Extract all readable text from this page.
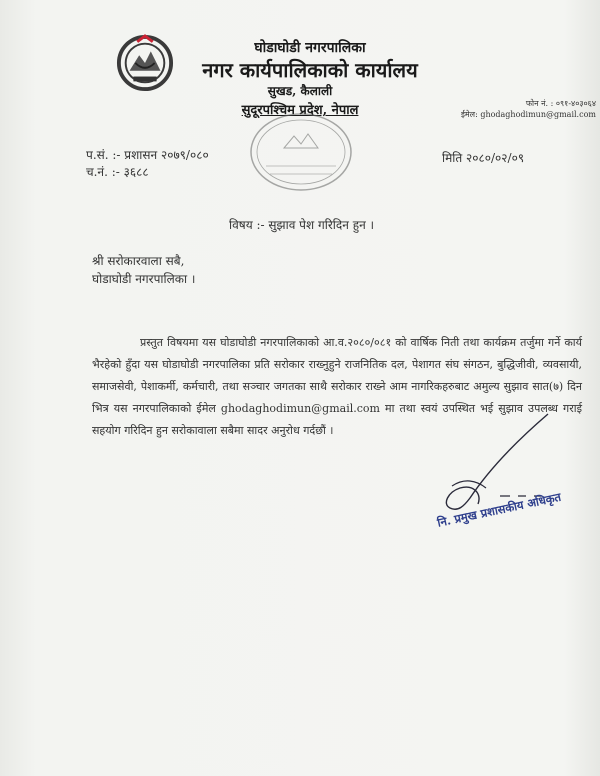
घोडाघोडी नगरपालिका
नगर कार्यपालिकाको कार्यालय
सुखड, कैलाली
सुदूरपश्चिम प्रदेश, नेपाल	फोन नं. : ०९१-४०३०६४
ईमेल: ghodaghodimun@gmail.com
प.सं. :- प्रशासन २०७९/०८०
च.नं. :- ३६८८
मिति २०८०/०२/०९
विषय :- सुझाव पेश गरिदिन हुन ।
श्री सरोकारवाला सबै,
घोडाघोडी नगरपालिका ।
प्रस्तुत विषयमा यस घोडाघोडी नगरपालिकाको आ.व.२०८०/०८१ को वार्षिक निती तथा कार्यक्रम तर्जुमा गर्ने कार्य भैरहेको हुँदा यस घोडाघोडी नगरपालिका प्रति सरोकार राख्नुहुने राजनितिक दल, पेशागत संघ संगठन, बुद्धिजीवी, व्यवसायी, समाजसेवी, पेशाकर्मी, कर्मचारी, तथा सञ्चार जगतका साथै सरोकार राख्ने आम नागरिकहरुबाट अमुल्य सुझाव सात(७) दिन भित्र यस नगरपालिकाको ईमेल ghodaghodimun@gmail.com मा तथा स्वयं उपस्थित भई सुझाव उपलब्ध गराई सहयोग गरिदिन हुन सरोकावाला सबैमा सादर अनुरोध गर्दछौं ।
नि. प्रमुख प्रशासकीय अधिकृत
